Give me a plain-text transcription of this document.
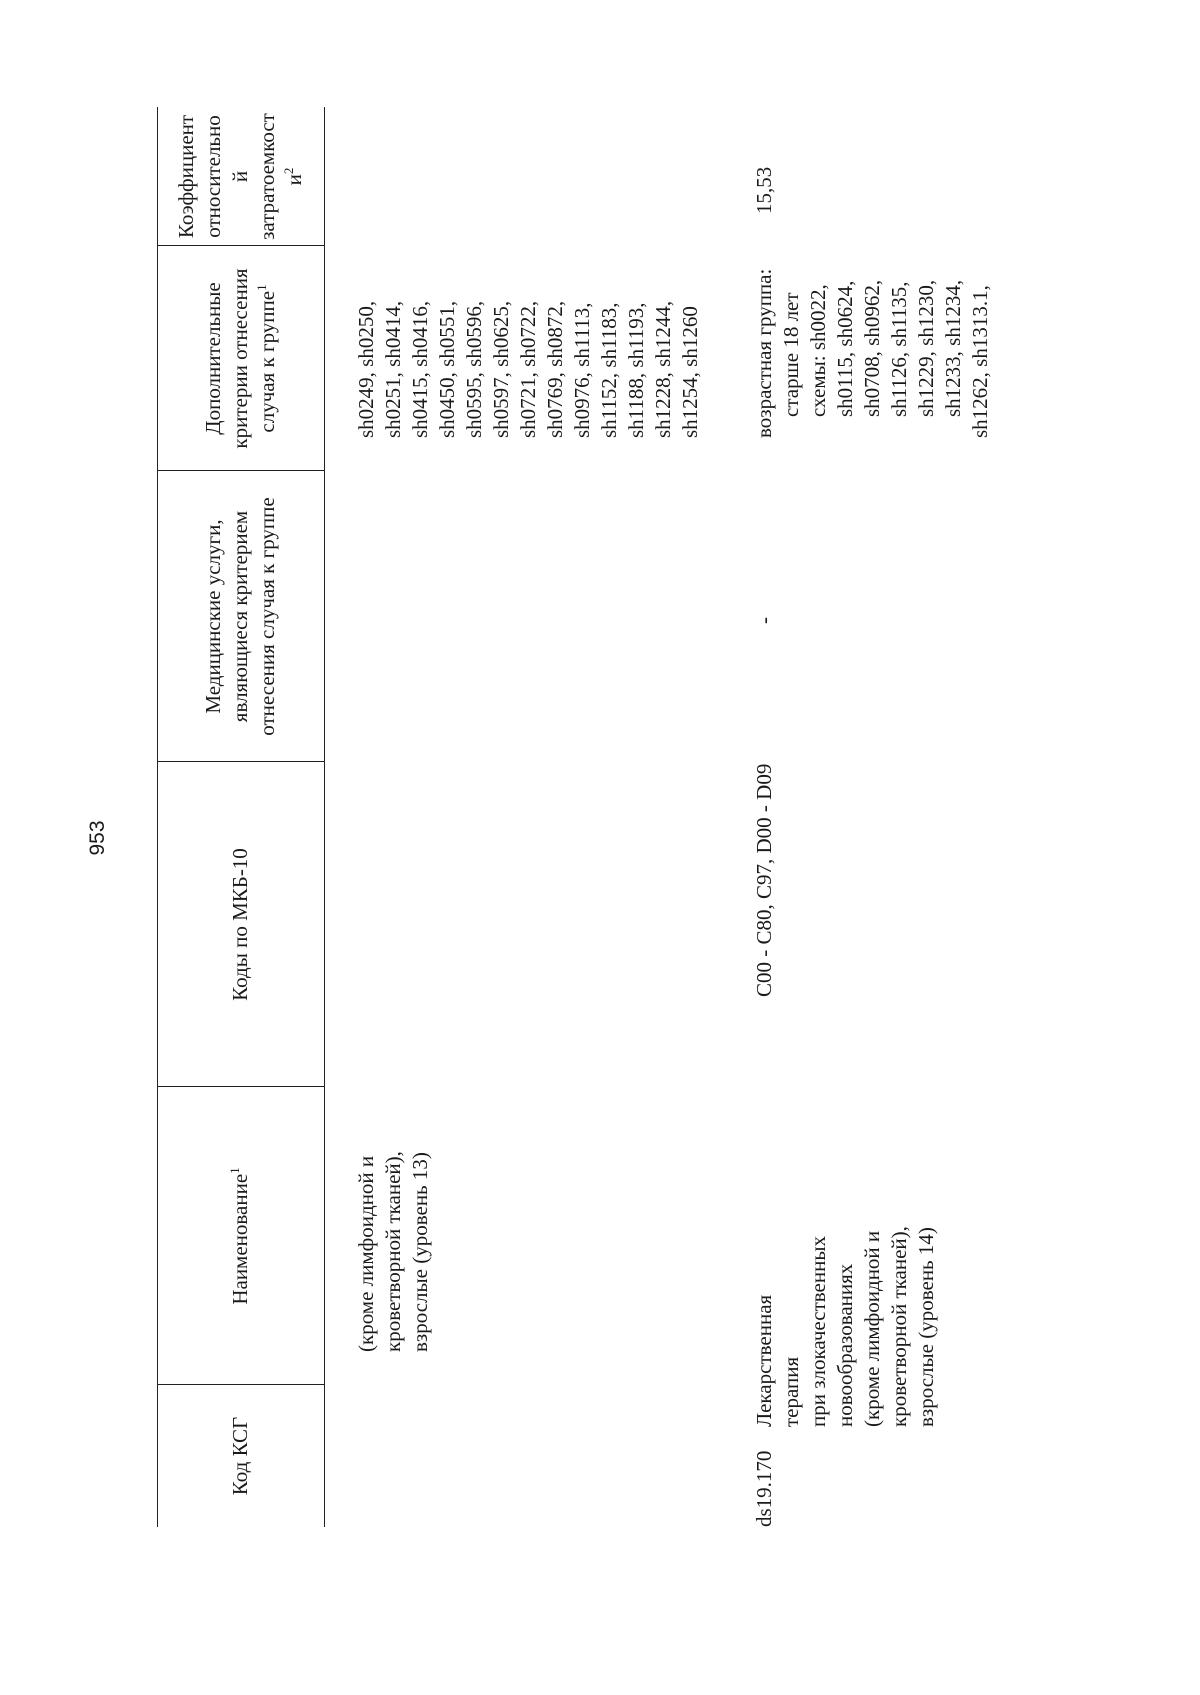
953
Код КСГ
Наименование$^1$
Коды по МКБ-10
Медицинские услуги, являющиеся критерием отнесения случая к группе
Дополнительные критерии отнесения случая к группе$^1$
Коэффициент относительно й затратоемкост $и^2$
(кроме лимфоидной и кроветворной тканей), взрослые (уровень 13)
sh0249, sh0250, sh0251, sh0414, sh0415, sh0416, sh0450, sh0551, sh0595, sh0596, sh0597, sh0625, sh0721, sh0722, sh0769, sh0872, sh0976, sh1113, sh1152, sh1183, sh1188, sh1193, sh1228, sh1244, sh1254, sh1260
ds19.170
Лекарственная терапия при злокачественных новообразованиях (кроме лимфоидной и кроветворной тканей), взрослые (уровень 14)
C00 - C80, C97, D00 - D09
-
возрастная группа: старше 18 лет схемы: sh0022, sh0115, sh0624, sh0708, sh0962, sh1126, sh1135, sh1229, sh1230, sh1233, sh1234, sh1262, sh1313.1,
15,53
